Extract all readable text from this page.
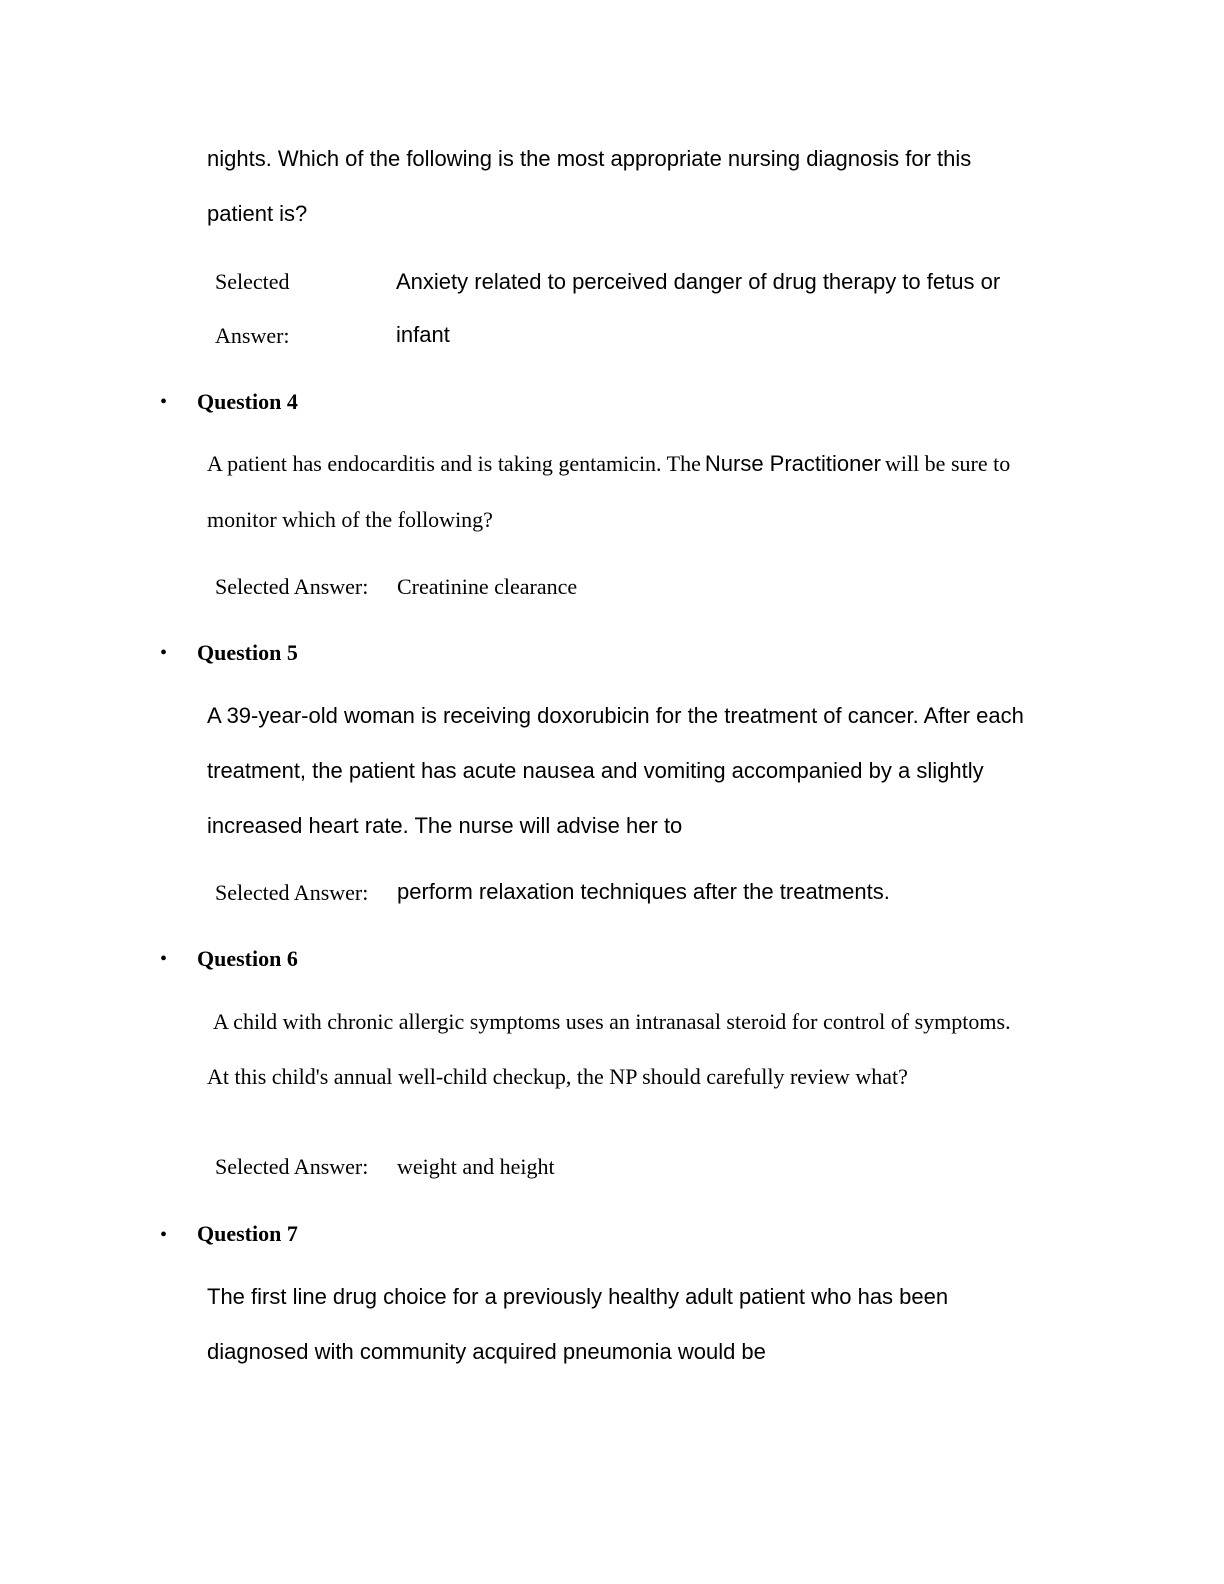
nights. Which of the following is the most appropriate nursing diagnosis for this
patient is?
Selected
Answer:
Anxiety related to perceived danger of drug therapy to fetus or
infant
• Question 4
A patient has endocarditis and is taking gentamicin. The Nurse Practitioner will be sure to
monitor which of the following?
Selected Answer: Creatinine clearance
• Question 5
A 39-year-old woman is receiving doxorubicin for the treatment of cancer. After each
treatment, the patient has acute nausea and vomiting accompanied by a slightly
increased heart rate. The nurse will advise her to
Selected Answer: perform relaxation techniques after the treatments.
• Question 6
A child with chronic allergic symptoms uses an intranasal steroid for control of symptoms.
At this child's annual well-child checkup, the NP should carefully review what?
Selected Answer: weight and height
• Question 7
The first line drug choice for a previously healthy adult patient who has been
diagnosed with community acquired pneumonia would be
